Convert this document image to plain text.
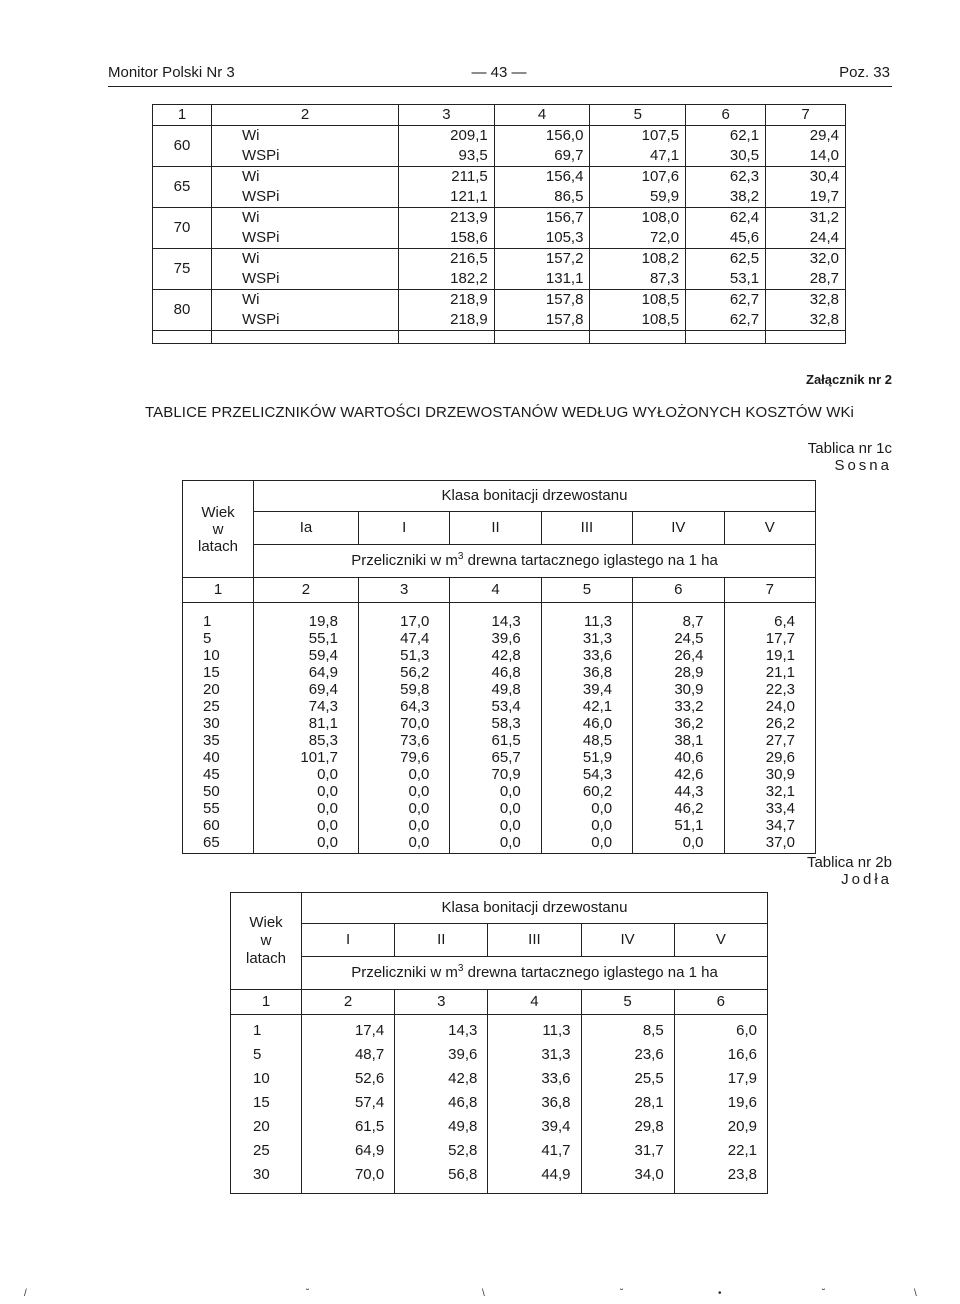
Monitor Polski Nr 3	— 43 —	Poz. 33
1	2	3	4	5	6	7
60	Wi	209,1	156,0	107,5	62,1	29,4
	WSPi	93,5	69,7	47,1	30,5	14,0
65	Wi	211,5	156,4	107,6	62,3	30,4
	WSPi	121,1	86,5	59,9	38,2	19,7
70	Wi	213,9	156,7	108,0	62,4	31,2
	WSPi	158,6	105,3	72,0	45,6	24,4
75	Wi	216,5	157,2	108,2	62,5	32,0
	WSPi	182,2	131,1	87,3	53,1	28,7
80	Wi	218,9	157,8	108,5	62,7	32,8
	WSPi	218,9	157,8	108,5	62,7	32,8

Załącznik nr 2
TABLICE PRZELICZNIKÓW WARTOŚCI DRZEWOSTANÓW WEDŁUG WYŁOŻONYCH KOSZTÓW WKi
Tablica nr 1c
Sosna
Wiek
w
latach	Klasa bonitacji drzewostanu					
	Ia	I	II	III	IV	V
	Przeliczniki w $m^3$ drewna tartacznego iglastego na 1 ha					
1	2	3	4	5	6	7
1	19,8	17,0	14,3	11,3	8,7	6,4
5	55,1	47,4	39,6	31,3	24,5	17,7
10	59,4	51,3	42,8	33,6	26,4	19,1
15	64,9	56,2	46,8	36,8	28,9	21,1
20	69,4	59,8	49,8	39,4	30,9	22,3
25	74,3	64,3	53,4	42,1	33,2	24,0
30	81,1	70,0	58,3	46,0	36,2	26,2
35	85,3	73,6	61,5	48,5	38,1	27,7
40	101,7	79,6	65,7	51,9	40,6	29,6
45	0,0	0,0	70,9	54,3	42,6	30,9
50	0,0	0,0	0,0	60,2	44,3	32,1
55	0,0	0,0	0,0	0,0	46,2	33,4
60	0,0	0,0	0,0	0,0	51,1	34,7
65	0,0	0,0	0,0	0,0	0,0	37,0
Tablica nr 2b
Jodła
Wiek
w
latach	Klasa bonitacji drzewostanu				
	I	II	III	IV	V
	Przeliczniki w $m^3$ drewna tartacznego iglastego na 1 ha				
1	2	3	4	5	6
1	17,4	14,3	11,3	8,5	6,0
5	48,7	39,6	31,3	23,6	16,6
10	52,6	42,8	33,6	25,5	17,9
15	57,4	46,8	36,8	28,1	19,6
20	61,5	49,8	39,4	29,8	20,9
25	64,9	52,8	41,7	31,7	22,1
30	70,0	56,8	44,9	34,0	23,8
/	˘	\	˘	•	˘	\
